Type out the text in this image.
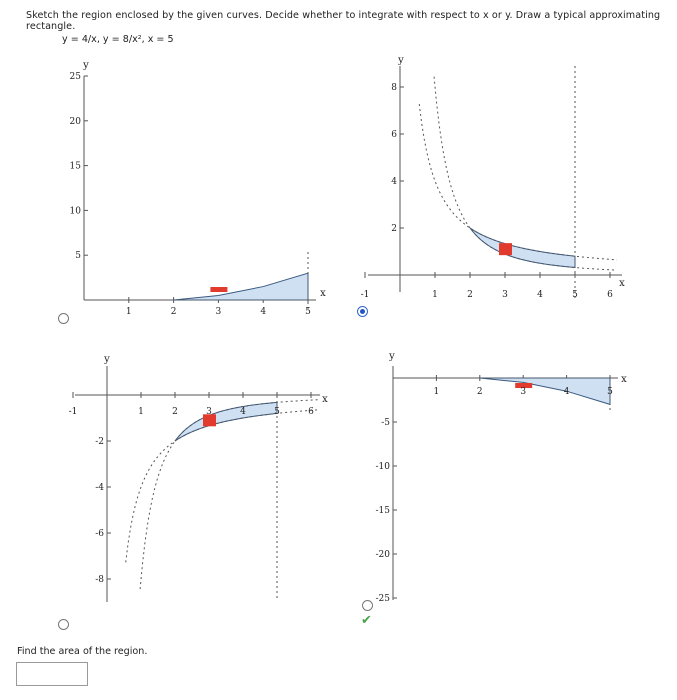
Sketch the region enclosed by the given curves. Decide whether to integrate with respect to x or y. Draw a typical approximating rectangle.
y = 4/x, y = 8/x², x = 5
y
x
1	2	3	4	5
5
10
15
20
25
y
x
-1	1	2	3	4	5	6
2
4
6
8
y
x
-1	1	2	3	4	5	6
-2
-4
-6
-8
y
x
1	2	3	4	5
-5
-10
-15
-20
-25
✔
Find the area of the region.
